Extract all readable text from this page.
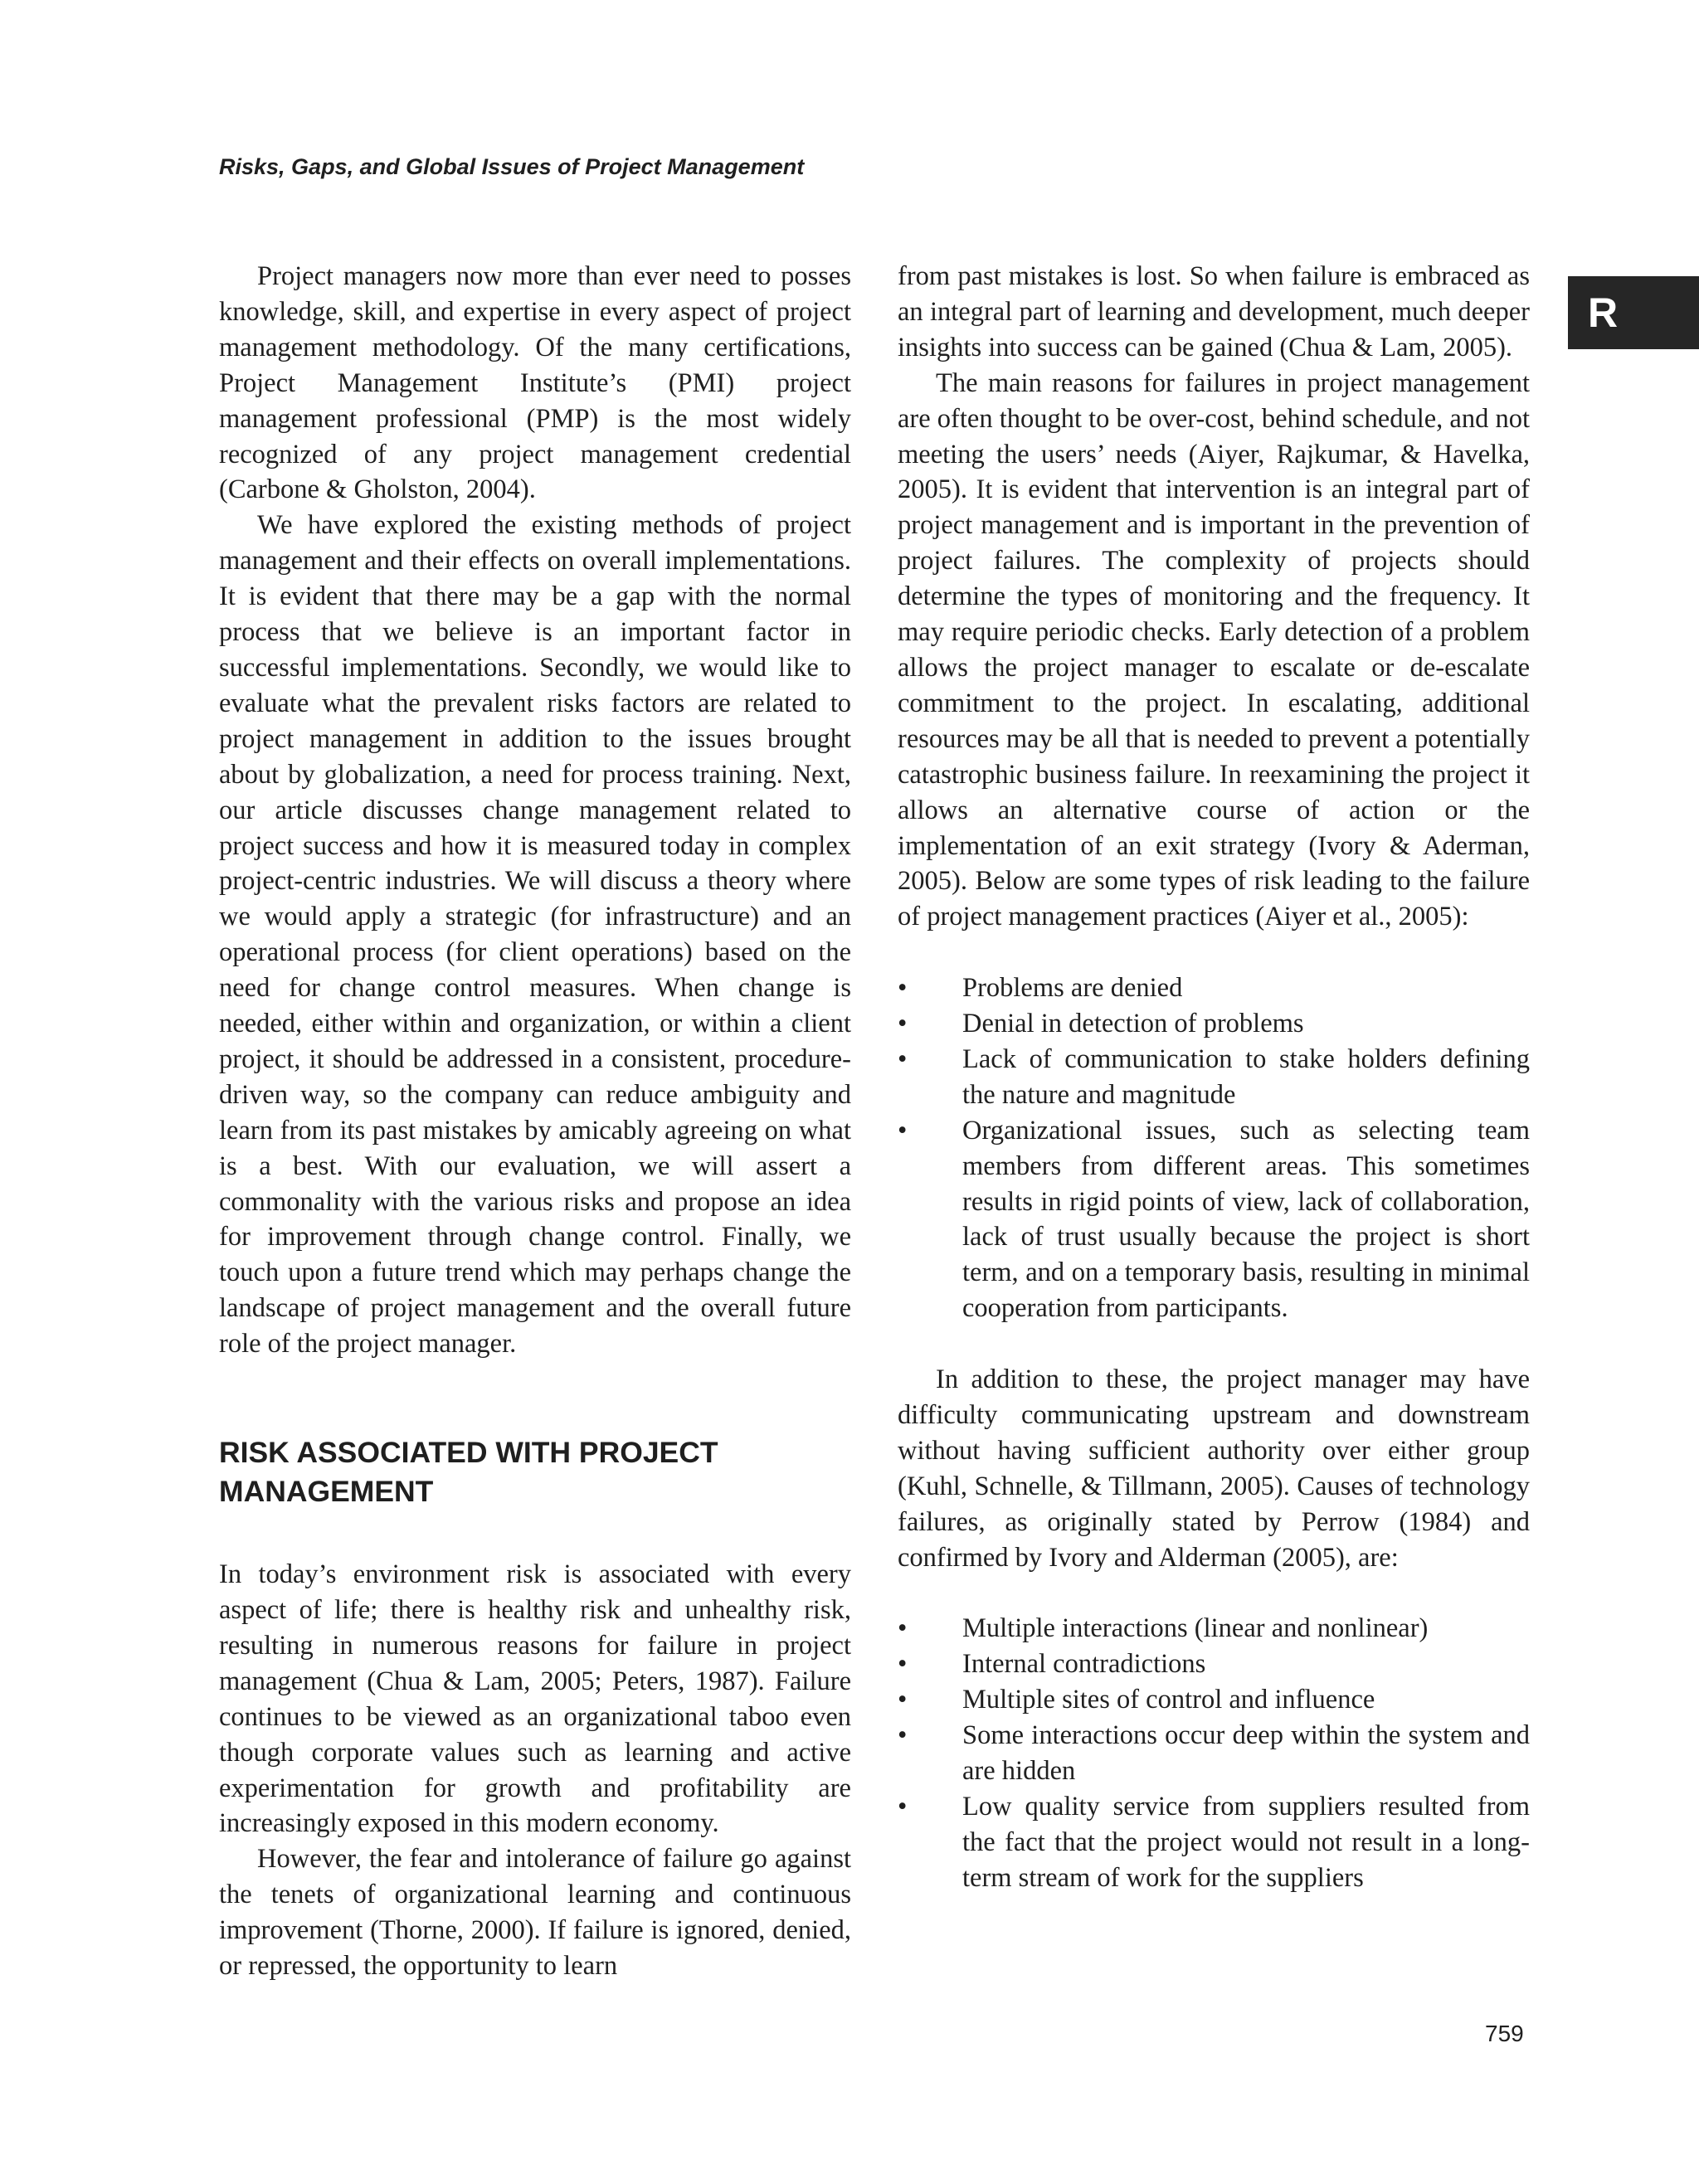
Risks, Gaps, and Global Issues of Project Management
R

Project managers now more than ever need to posses knowledge, skill, and expertise in every aspect of project management methodology. Of the many certifications, Project Management Institute’s (PMI) project management professional (PMP) is the most widely recognized of any project management credential (Carbone & Gholston, 2004).

We have explored the existing methods of project management and their effects on overall implementations. It is evident that there may be a gap with the normal process that we believe is an important factor in successful implementations. Secondly, we would like to evaluate what the prevalent risks factors are related to project management in addition to the issues brought about by globalization, a need for process training. Next, our article discusses change management related to project success and how it is measured today in complex project-centric industries. We will discuss a theory where we would apply a strategic (for infrastructure) and an operational process (for client operations) based on the need for change control measures. When change is needed, either within and organization, or within a client project, it should be addressed in a consistent, procedure-driven way, so the company can reduce ambiguity and learn from its past mistakes by amicably agreeing on what is a best. With our evaluation, we will assert a commonality with the various risks and propose an idea for improvement through change control. Finally, we touch upon a future trend which may perhaps change the landscape of project management and the overall future role of the project manager.

RISK ASSOCIATED WITH PROJECT
MANAGEMENT

In today’s environment risk is associated with every aspect of life; there is healthy risk and unhealthy risk, resulting in numerous reasons for failure in project management (Chua & Lam, 2005; Peters, 1987). Failure continues to be viewed as an organizational taboo even though corporate values such as learning and active experimentation for growth and profitability are increasingly exposed in this modern economy.

However, the fear and intolerance of failure go against the tenets of organizational learning and continuous improvement (Thorne, 2000). If failure is ignored, denied, or repressed, the opportunity to learn

from past mistakes is lost. So when failure is embraced as an integral part of learning and development, much deeper insights into success can be gained (Chua & Lam, 2005).

The main reasons for failures in project management are often thought to be over-cost, behind schedule, and not meeting the users’ needs (Aiyer, Rajkumar, & Havelka, 2005). It is evident that intervention is an integral part of project management and is important in the prevention of project failures. The complexity of projects should determine the types of monitoring and the frequency. It may require periodic checks. Early detection of a problem allows the project manager to escalate or de-escalate commitment to the project. In escalating, additional resources may be all that is needed to prevent a potentially catastrophic business failure. In reexamining the project it allows an alternative course of action or the implementation of an exit strategy (Ivory & Aderman, 2005). Below are some types of risk leading to the failure of project management practices (Aiyer et al., 2005):

• Problems are denied
• Denial in detection of problems
• Lack of communication to stake holders defining the nature and magnitude
• Organizational issues, such as selecting team members from different areas. This sometimes results in rigid points of view, lack of collaboration, lack of trust usually because the project is short term, and on a temporary basis, resulting in minimal cooperation from participants.

In addition to these, the project manager may have difficulty communicating upstream and downstream without having sufficient authority over either group (Kuhl, Schnelle, & Tillmann, 2005). Causes of technology failures, as originally stated by Perrow (1984) and confirmed by Ivory and Alderman (2005), are:

• Multiple interactions (linear and nonlinear)
• Internal contradictions
• Multiple sites of control and influence
• Some interactions occur deep within the system and are hidden
• Low quality service from suppliers resulted from the fact that the project would not result in a long-term stream of work for the suppliers
759
